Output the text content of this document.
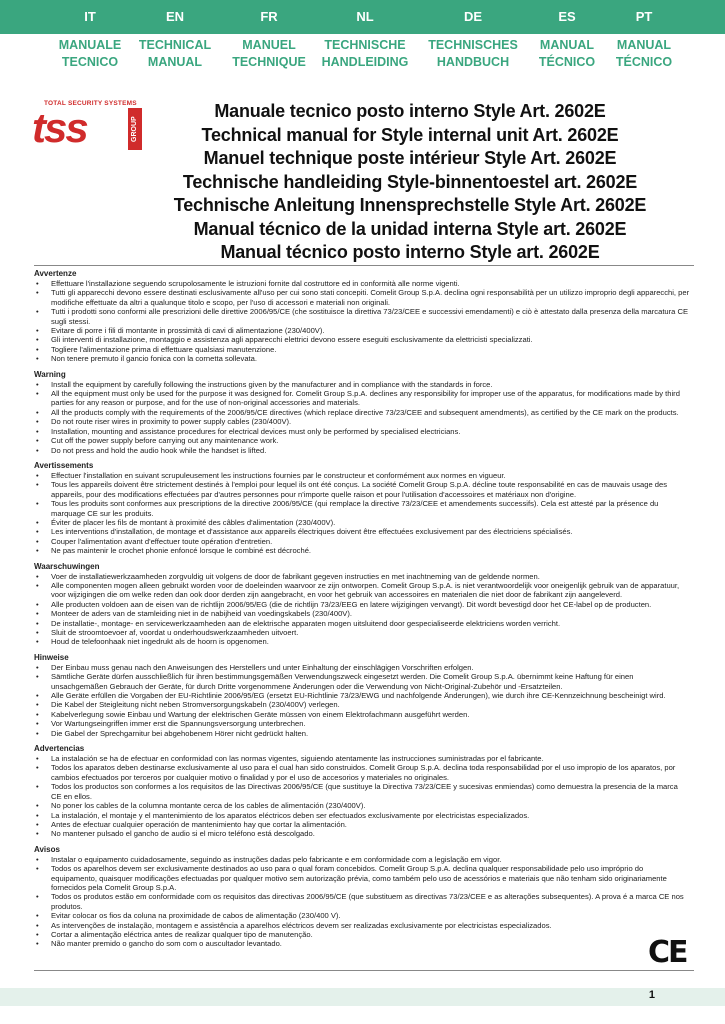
IT
MANUALE
TECNICO
EN
TECHNICAL
MANUAL
FR
MANUEL
TECHNIQUE
NL
TECHNISCHE
HANDLEIDING
DE
TECHNISCHES
HANDBUCH
ES
MANUAL
TÉCNICO
PT
MANUAL
TÉCNICO
TOTAL SECURITY SYSTEMS
tss	GROUP
Manuale tecnico posto interno Style Art. 2602E
Technical manual for Style internal unit Art. 2602E
Manuel technique poste intérieur Style Art. 2602E
Technische handleiding Style-binnentoestel art. 2602E
Technische Anleitung Innensprechstelle Style Art. 2602E
Manual técnico de la unidad interna Style art. 2602E
Manual técnico posto interno Style art. 2602E
Avvertenze
• Effettuare l'installazione seguendo scrupolosamente le istruzioni fornite dal costruttore ed in conformità alle norme vigenti.
• Tutti gli apparecchi devono essere destinati esclusivamente all'uso per cui sono stati concepiti. Comelit Group S.p.A. declina ogni responsabilità per un utilizzo improprio degli apparecchi, per modifiche effettuate da altri a qualunque titolo e scopo, per l'uso di accessori e materiali non originali.
• Tutti i prodotti sono conformi alle prescrizioni delle direttive 2006/95/CE (che sostituisce la direttiva 73/23/CEE e successivi emendamenti) e ciò è attestato dalla presenza della marcatura CE sugli stessi.
• Evitare di porre i fili di montante in prossimità di cavi di alimentazione (230/400V).
• Gli interventi di installazione, montaggio e assistenza agli apparecchi elettrici devono essere eseguiti esclusivamente da elettricisti specializzati.
• Togliere l'alimentazione prima di effettuare qualsiasi manutenzione.
• Non tenere premuto il gancio fonica con la cornetta sollevata.
Warning
• Install the equipment by carefully following the instructions given by the manufacturer and in compliance with the standards in force.
• All the equipment must only be used for the purpose it was designed for. Comelit Group S.p.A. declines any responsibility for improper use of the apparatus, for modifications made by third parties for any reason or purpose, and for the use of non-original accessories and materials.
• All the products comply with the requirements of the 2006/95/CE directives (which replace directive 73/23/CEE and subsequent amendments), as certified by the CE mark on the products.
• Do not route riser wires in proximity to power supply cables (230/400V).
• Installation, mounting and assistance procedures for electrical devices must only be performed by specialised electricians.
• Cut off the power supply before carrying out any maintenance work.
• Do not press and hold the audio hook while the handset is lifted.
Avertissements
• Effectuer l'installation en suivant scrupuleusement les instructions fournies par le constructeur et conformément aux normes en vigueur.
• Tous les appareils doivent être strictement destinés à l'emploi pour lequel ils ont été conçus. La société Comelit Group S.p.A. décline toute responsabilité en cas de mauvais usage des appareils, pour des modifications effectuées par d'autres personnes pour n'importe quelle raison et pour l'utilisation d'accessoires et matériaux non d'origine.
• Tous les produits sont conformes aux prescriptions de la directive 2006/95/CE (qui remplace la directive 73/23/CEE et amendements successifs). Cela est attesté par la présence du marquage CE sur les produits.
• Éviter de placer les fils de montant à proximité des câbles d'alimentation (230/400V).
• Les interventions d'installation, de montage et d'assistance aux appareils électriques doivent être effectuées exclusivement par des électriciens spécialisés.
• Couper l'alimentation avant d'effectuer toute opération d'entretien.
• Ne pas maintenir le crochet phonie enfoncé lorsque le combiné est décroché.
Waarschuwingen
• Voer de installatiewerkzaamheden zorgvuldig uit volgens de door de fabrikant gegeven instructies en met inachtneming van de geldende normen.
• Alle componenten mogen alleen gebruikt worden voor de doeleinden waarvoor ze zijn ontworpen. Comelit Group S.p.A. is niet verantwoordelijk voor oneigenlijk gebruik van de apparatuur, voor wijzigingen die om welke reden dan ook door derden zijn aangebracht, en voor het gebruik van accessoires en materialen die niet door de fabrikant zijn aangeleverd.
• Alle producten voldoen aan de eisen van de richtlijn 2006/95/EG (die de richtlijn 73/23/EEG en latere wijzigingen vervangt). Dit wordt bevestigd door het CE-label op de producten.
• Monteer de aders van de stamleiding niet in de nabijheid van voedingskabels (230/400V).
• De installatie-, montage- en servicewerkzaamheden aan de elektrische apparaten mogen uitsluitend door gespecialiseerde elektriciens worden verricht.
• Sluit de stroomtoevoer af, voordat u onderhoudswerkzaamheden uitvoert.
• Houd de telefoonhaak niet ingedrukt als de hoorn is opgenomen.
Hinweise
• Der Einbau muss genau nach den Anweisungen des Herstellers und unter Einhaltung der einschlägigen Vorschriften erfolgen.
• Sämtliche Geräte dürfen ausschließlich für ihren bestimmungsgemäßen Verwendungszweck eingesetzt werden. Die Comelit Group S.p.A. übernimmt keine Haftung für einen unsachgemäßen Gebrauch der Geräte, für durch Dritte vorgenommene Änderungen oder die Verwendung von Nicht-Original-Zubehör und -Ersatzteilen.
• Alle Geräte erfüllen die Vorgaben der EU-Richtlinie 2006/95/EG (ersetzt EU-Richtlinie 73/23/EWG und nachfolgende Änderungen), wie durch ihre CE-Kennzeichnung bescheinigt wird.
• Die Kabel der Steigleitung nicht neben Stromversorgungskabeln (230/400V) verlegen.
• Kabelverlegung sowie Einbau und Wartung der elektrischen Geräte müssen von einem Elektrofachmann ausgeführt werden.
• Vor Wartungseingriffen immer erst die Spannungsversorgung unterbrechen.
• Die Gabel der Sprechgarnitur bei abgehobenem Hörer nicht gedrückt halten.
Advertencias
• La instalación se ha de efectuar en conformidad con las normas vigentes, siguiendo atentamente las instrucciones suministradas por el fabricante.
• Todos los aparatos deben destinarse exclusivamente al uso para el cual han sido construidos. Comelit Group S.p.A. declina toda responsabilidad por el uso impropio de los aparatos, por cambios efectuados por terceros por cualquier motivo o finalidad y por el uso de accesorios y materiales no originales.
• Todos los productos son conformes a los requisitos de las Directivas 2006/95/CE (que sustituye la Directiva 73/23/CEE y sucesivas enmiendas) como demuestra la presencia de la marca CE en ellos.
• No poner los cables de la columna montante cerca de los cables de alimentación (230/400V).
• La instalación, el montaje y el mantenimiento de los aparatos eléctricos deben ser efectuados exclusivamente por electricistas especializados.
• Antes de efectuar cualquier operación de mantenimiento hay que cortar la alimentación.
• No mantener pulsado el gancho de audio si el micro teléfono está descolgado.
Avisos
• Instalar o equipamento cuidadosamente, seguindo as instruções dadas pelo fabricante e em conformidade com a legislação em vigor.
• Todos os aparelhos devem ser exclusivamente destinados ao uso para o qual foram concebidos. Comelit Group S.p.A. declina qualquer responsabilidade pelo uso impróprio do equipamento, quaisquer modificações efectuadas por qualquer motivo sem autorização prévia, como também pelo uso de acessórios e materiais que não tenham sido originariamente fornecidos pela Comelit Group S.p.A.
• Todos os produtos estão em conformidade com os requisitos das directivas 2006/95/CE (que substituem as directivas 73/23/CEE e as alterações subsequentes). A prova é a marca CE nos produtos.
• Evitar colocar os fios da coluna na proximidade de cabos de alimentação (230/400 V).
• As intervenções de instalação, montagem e assistência a aparelhos eléctricos devem ser realizadas exclusivamente por electricistas especializados.
• Cortar a alimentação eléctrica antes de realizar qualquer tipo de manutenção.
• Não manter premido o gancho do som com o auscultador levantado.	CE
1
